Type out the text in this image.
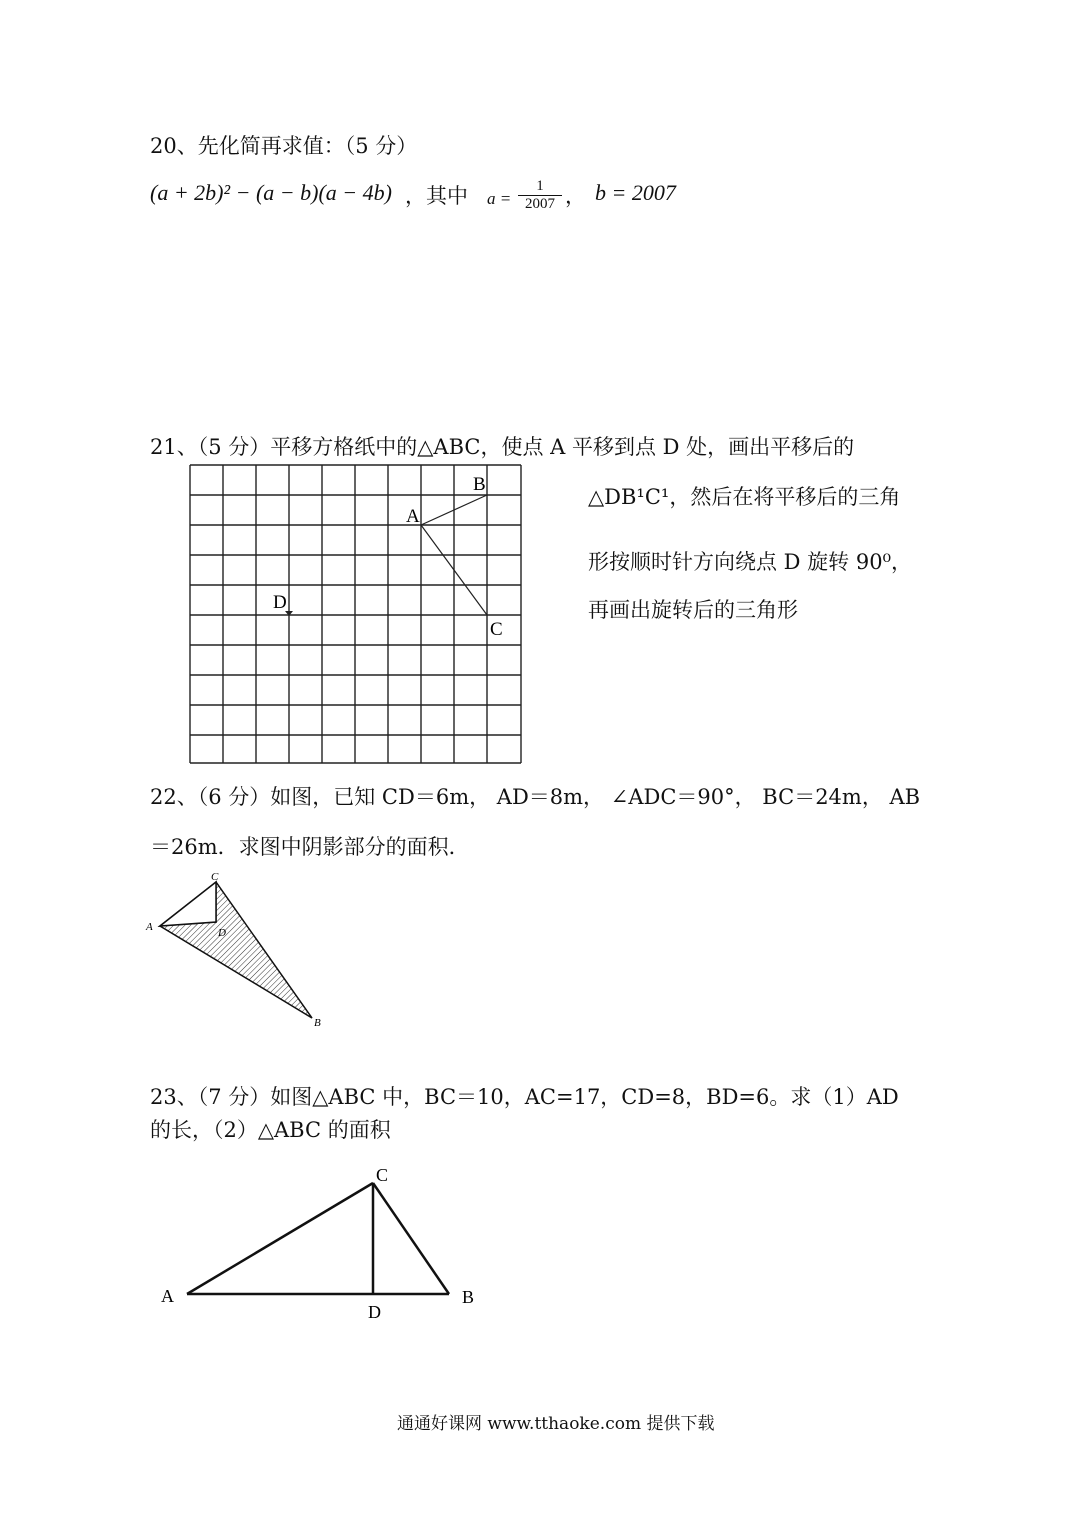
20、先化简再求值：（5 分）
(a + 2b)² − (a − b)(a − 4b) ，其中 $a = \frac{1}{2007}$ ， b = 2007
21、（5 分）平移方格纸中的△ABC，使点 A 平移到点 D 处，画出平移后的
A
B
C
D
△DB¹C¹，然后在将平移后的三角
形按顺时针方向绕点 D 旋转 90⁰，
再画出旋转后的三角形
22、（6 分）如图，已知 CD＝6m， AD＝8m， ∠ADC＝90°， BC＝24m， AB
＝26m．求图中阴影部分的面积．
C
A	D
B
23、（7 分）如图△ABC 中，BC＝10，AC=17，CD=8，BD=6。求（1）AD
的长，（2）△ABC 的面积
C
A	B
D
通通好课网 www.tthaoke.com 提供下载
